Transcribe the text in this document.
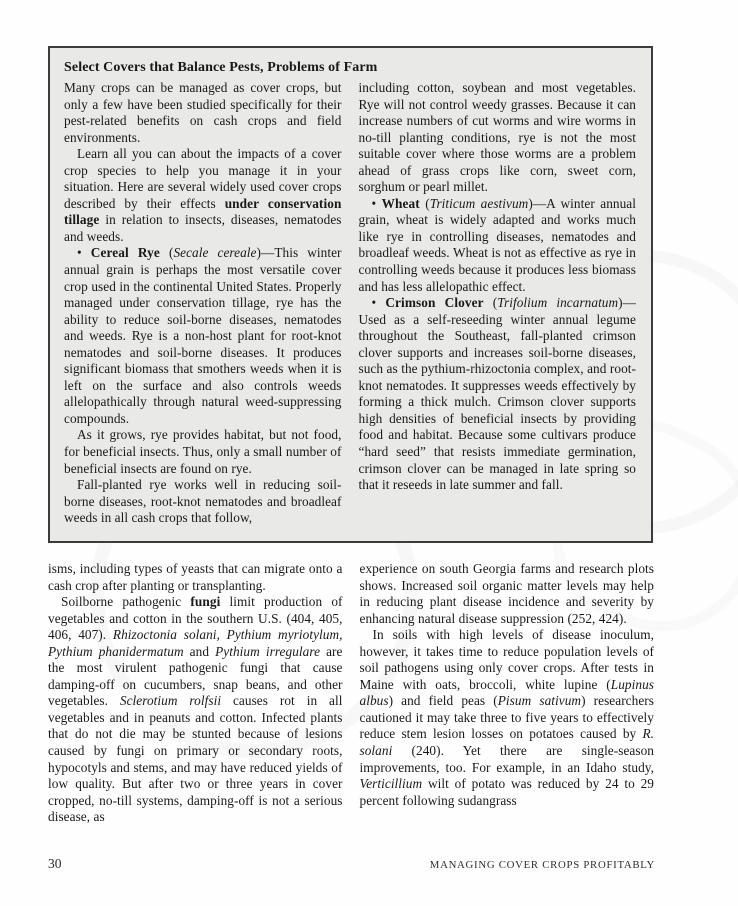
Select Covers that Balance Pests, Problems of Farm

Many crops can be managed as cover crops, but only a few have been studied specifically for their pest-related benefits on cash crops and field environments.

Learn all you can about the impacts of a cover crop species to help you manage it in your situation. Here are several widely used cover crops described by their effects under conservation tillage in relation to insects, diseases, nematodes and weeds.

• Cereal Rye (Secale cereale)—This winter annual grain is perhaps the most versatile cover crop used in the continental United States. Properly managed under conservation tillage, rye has the ability to reduce soil-borne diseases, nematodes and weeds. Rye is a non-host plant for root-knot nematodes and soil-borne diseases. It produces significant biomass that smothers weeds when it is left on the surface and also controls weeds allelopathically through natural weed-suppressing compounds.

As it grows, rye provides habitat, but not food, for beneficial insects. Thus, only a small number of beneficial insects are found on rye.

Fall-planted rye works well in reducing soil-borne diseases, root-knot nematodes and broadleaf weeds in all cash crops that follow,

including cotton, soybean and most vegetables. Rye will not control weedy grasses. Because it can increase numbers of cut worms and wire worms in no-till planting conditions, rye is not the most suitable cover where those worms are a problem ahead of grass crops like corn, sweet corn, sorghum or pearl millet.

• Wheat (Triticum aestivum)—A winter annual grain, wheat is widely adapted and works much like rye in controlling diseases, nematodes and broadleaf weeds. Wheat is not as effective as rye in controlling weeds because it produces less biomass and has less allelopathic effect.

• Crimson Clover (Trifolium incarnatum)—Used as a self-reseeding winter annual legume throughout the Southeast, fall-planted crimson clover supports and increases soil-borne diseases, such as the pythium-rhizoctonia complex, and root-knot nematodes. It suppresses weeds effectively by forming a thick mulch. Crimson clover supports high densities of beneficial insects by providing food and habitat. Because some cultivars produce “hard seed” that resists immediate germination, crimson clover can be managed in late spring so that it reseeds in late summer and fall.

isms, including types of yeasts that can migrate onto a cash crop after planting or transplanting.

Soilborne pathogenic fungi limit production of vegetables and cotton in the southern U.S. (404, 405, 406, 407). Rhizoctonia solani, Pythium myriotylum, Pythium phanidermatum and Pythium irregulare are the most virulent pathogenic fungi that cause damping-off on cucumbers, snap beans, and other vegetables. Sclerotium rolfsii causes rot in all vegetables and in peanuts and cotton. Infected plants that do not die may be stunted because of lesions caused by fungi on primary or secondary roots, hypocotyls and stems, and may have reduced yields of low quality. But after two or three years in cover cropped, no-till systems, damping-off is not a serious disease, as

experience on south Georgia farms and research plots shows. Increased soil organic matter levels may help in reducing plant disease incidence and severity by enhancing natural disease suppression (252, 424).

In soils with high levels of disease inoculum, however, it takes time to reduce population levels of soil pathogens using only cover crops. After tests in Maine with oats, broccoli, white lupine (Lupinus albus) and field peas (Pisum sativum) researchers cautioned it may take three to five years to effectively reduce stem lesion losses on potatoes caused by R. solani (240). Yet there are single-season improvements, too. For example, in an Idaho study, Verticillium wilt of potato was reduced by 24 to 29 percent following sudangrass

30	MANAGING COVER CROPS PROFITABLY
